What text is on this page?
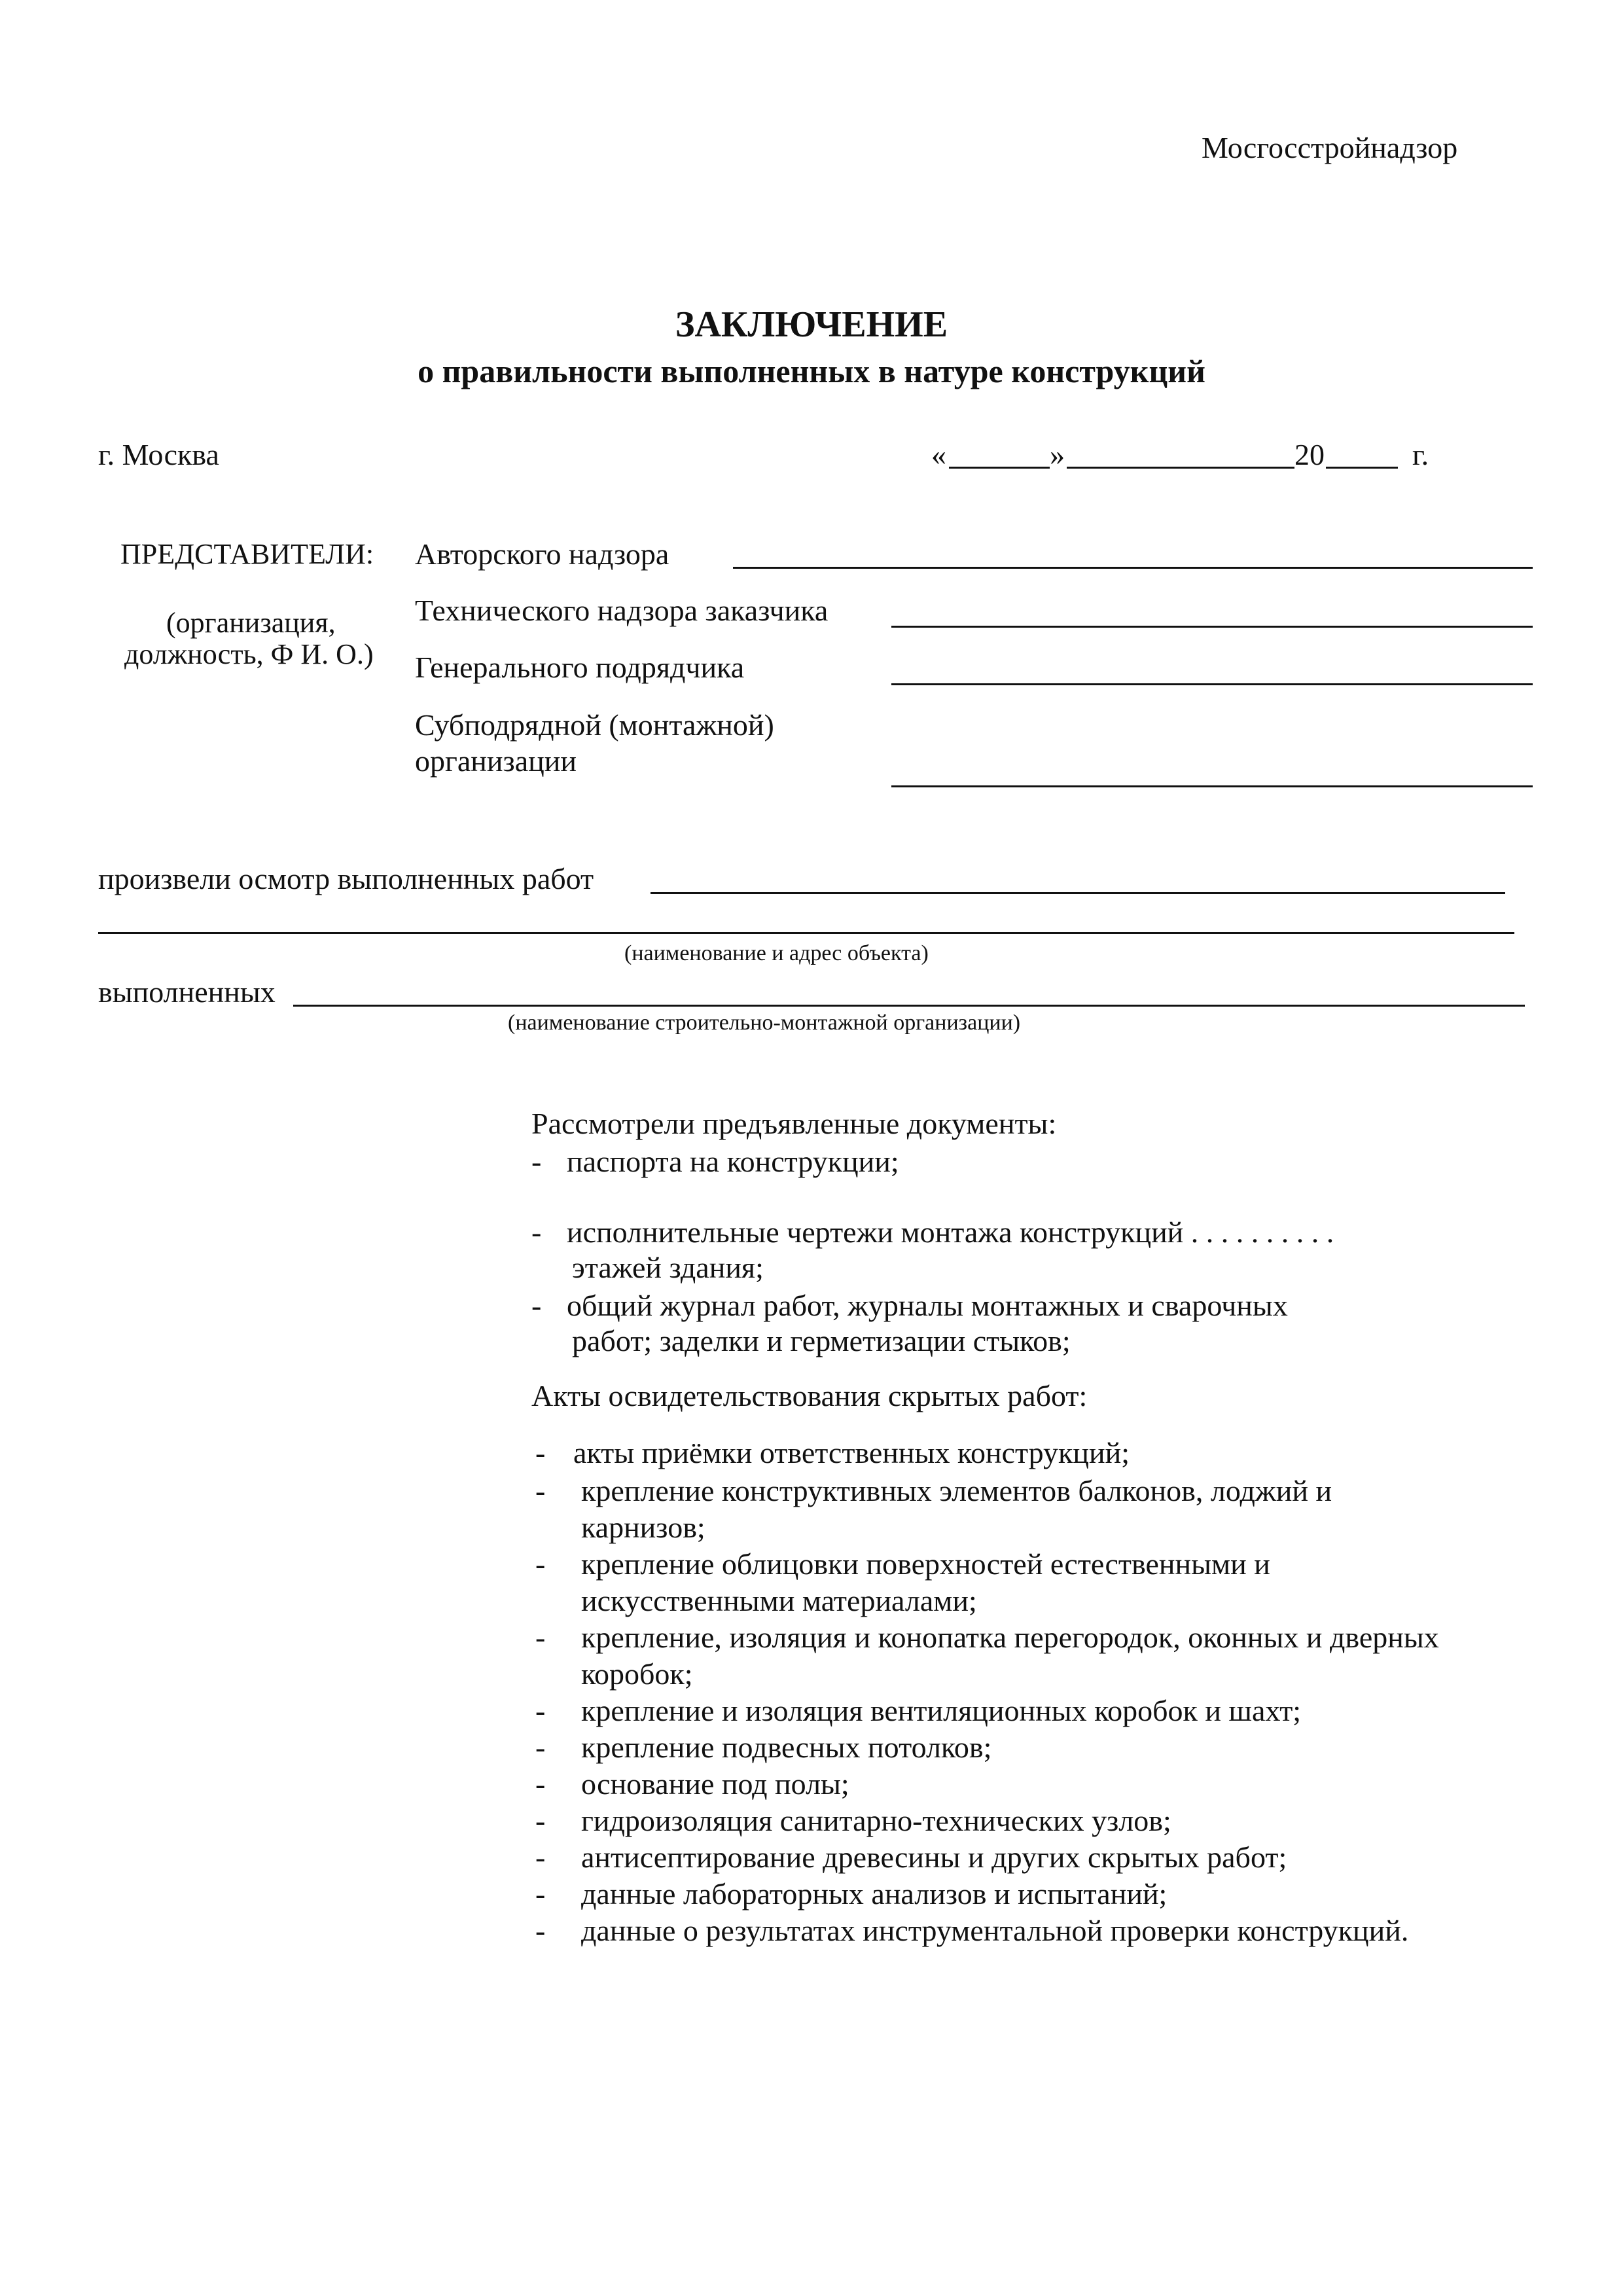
Мосгосстройнадзор
ЗАКЛЮЧЕНИЕ
о правильности выполненных в натуре конструкций
г. Москва	«	»	20	г.
ПРЕДСТАВИТЕЛИ:
(организация,
должность, Ф И. О.)
Авторского надзора
Технического надзора заказчика
Генерального подрядчика
Субподрядной (монтажной)
организации
произвели осмотр выполненных работ
(наименование и адрес объекта)
выполненных
(наименование строительно-монтажной организации)
Рассмотрели предъявленные документы:
- паспорта на конструкции;
- исполнительные чертежи монтажа конструкций . . . . . . . . . .
этажей здания;
- общий журнал работ, журналы монтажных и сварочных
работ; заделки и герметизации стыков;
Акты освидетельствования скрытых работ:
- акты приёмки ответственных конструкций;
- крепление конструктивных элементов балконов, лоджий и
карнизов;
- крепление облицовки поверхностей естественными и
искусственными материалами;
- крепление, изоляция и конопатка перегородок, оконных и дверных
коробок;
- крепление и изоляция вентиляционных коробок и шахт;
- крепление подвесных потолков;
- основание под полы;
- гидроизоляция санитарно-технических узлов;
- антисептирование древесины и других скрытых работ;
- данные лабораторных анализов и испытаний;
- данные о результатах инструментальной проверки конструкций.
